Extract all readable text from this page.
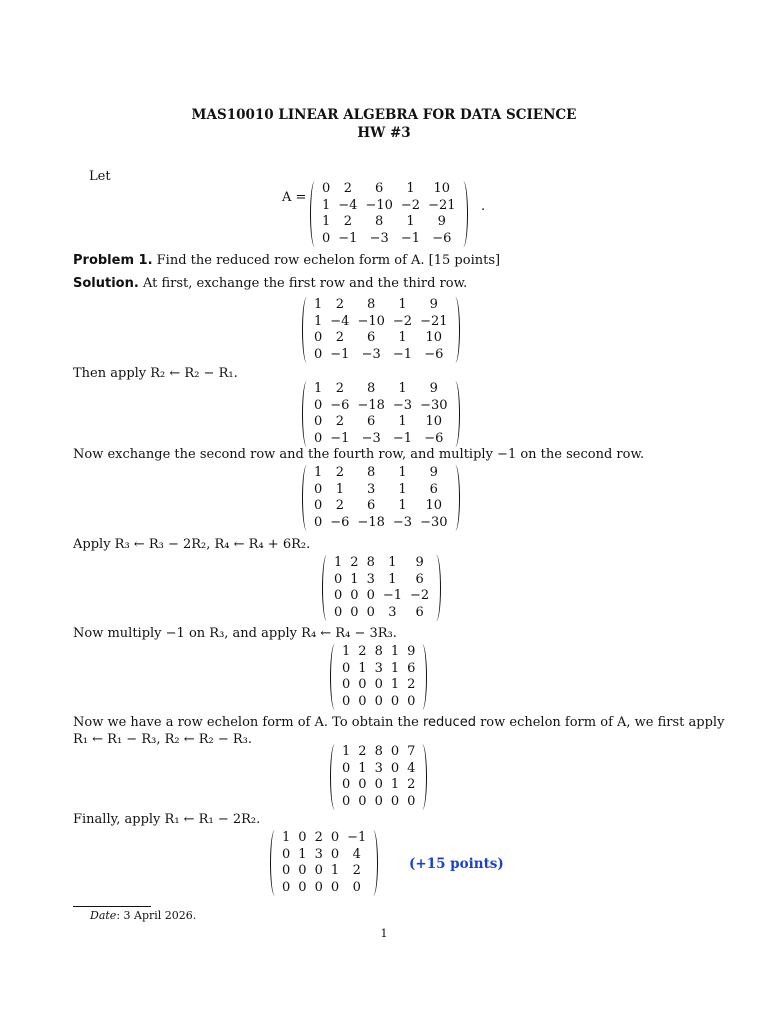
MAS10010 LINEAR ALGEBRA FOR DATA SCIENCE
HW #3
Let
A =
0	2	6	1	10
1	−4	−10	−2	−21
1	2	8	1	9
0	−1	−3	−1	−6
.
Problem 1. Find the reduced row echelon form of A. [15 points]
Solution. At first, exchange the first row and the third row.
1	2	8	1	9
1	−4	−10	−2	−21
0	2	6	1	10
0	−1	−3	−1	−6
Then apply R₂ ← R₂ − R₁.
1	2	8	1	9
0	−6	−18	−3	−30
0	2	6	1	10
0	−1	−3	−1	−6
Now exchange the second row and the fourth row, and multiply −1 on the second row.
1	2	8	1	9
0	1	3	1	6
0	2	6	1	10
0	−6	−18	−3	−30
Apply R₃ ← R₃ − 2R₂, R₄ ← R₄ + 6R₂.
1	2	8	1	9
0	1	3	1	6
0	0	0	−1	−2
0	0	0	3	6
Now multiply −1 on R₃, and apply R₄ ← R₄ − 3R₃.
1	2	8	1	9
0	1	3	1	6
0	0	0	1	2
0	0	0	0	0
Now we have a row echelon form of A. To obtain the reduced row echelon form of A, we first apply
R₁ ← R₁ − R₃, R₂ ← R₂ − R₃.
1	2	8	0	7
0	1	3	0	4
0	0	0	1	2
0	0	0	0	0
Finally, apply R₁ ← R₁ − 2R₂.
1	0	2	0	−1
0	1	3	0	4
0	0	0	1	2
0	0	0	0	0
(+15 points)
Date: 3 April 2026.
1
